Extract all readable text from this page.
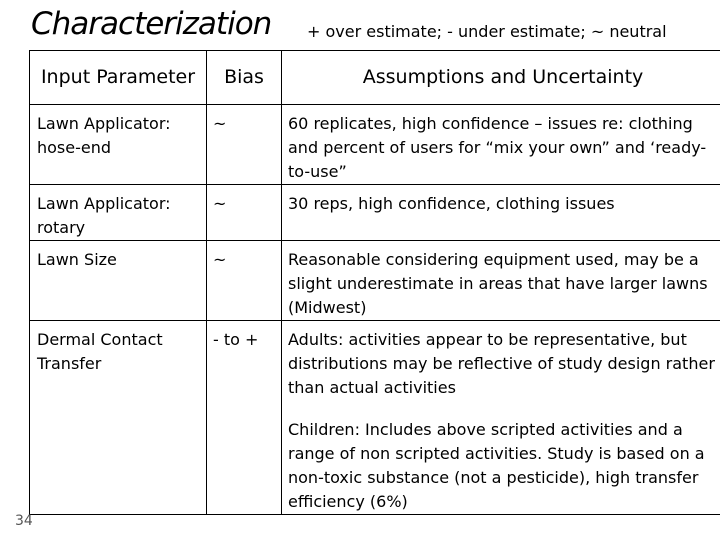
Characterization + over estimate; - under estimate; ~ neutral
Input Parameter	Bias	Assumptions and Uncertainty

Lawn Applicator: hose-end	~	60 replicates, high confidence – issues re: clothing and percent of users for “mix your own” and ‘ready-to-use”

Lawn Applicator: rotary	~	30 reps, high confidence, clothing issues

Lawn Size	~	Reasonable considering equipment used, may be a slight underestimate in areas that have larger lawns (Midwest)

Dermal Contact Transfer	- to +	Adults: activities appear to be representative, but distributions may be reflective of study design rather than actual activities
Children: Includes above scripted activities and a range of non scripted activities. Study is based on a non-toxic substance (not a pesticide), high transfer efficiency (6%)
34
